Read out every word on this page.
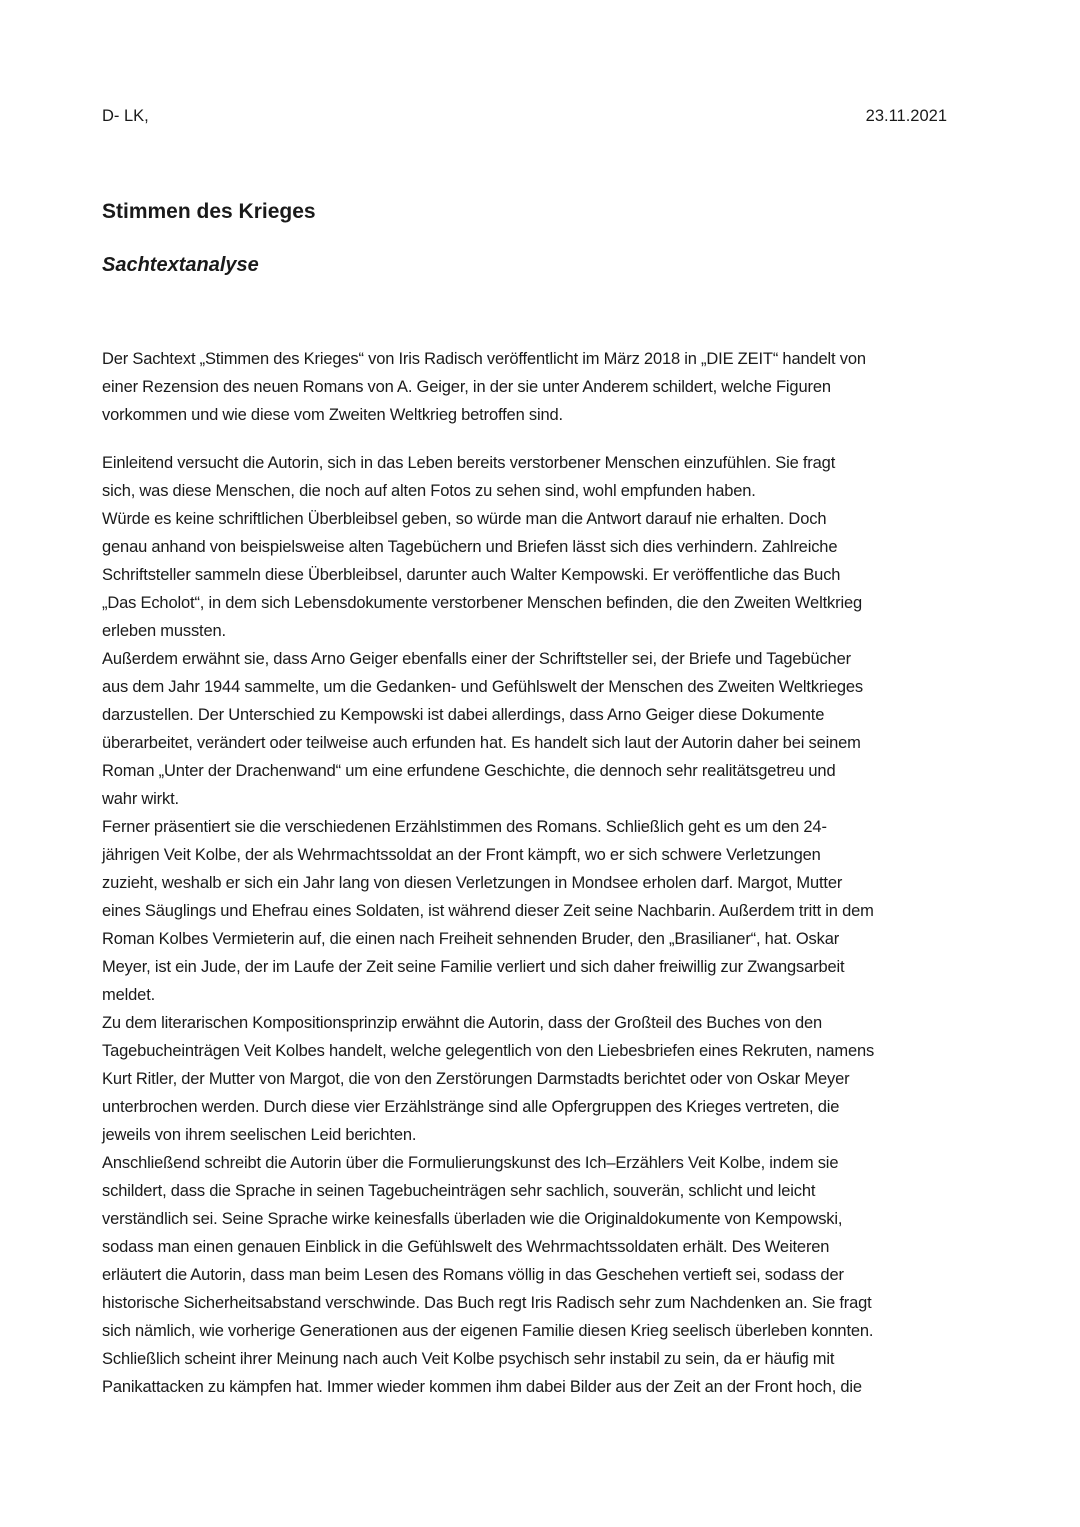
D- LK,	23.11.2021
Stimmen des Krieges
Sachtextanalyse

Der Sachtext „Stimmen des Krieges“ von Iris Radisch veröffentlicht im März 2018 in „DIE ZEIT“ handelt von
einer Rezension des neuen Romans von A. Geiger, in der sie unter Anderem schildert, welche Figuren
vorkommen und wie diese vom Zweiten Weltkrieg betroffen sind.

Einleitend versucht die Autorin, sich in das Leben bereits verstorbener Menschen einzufühlen. Sie fragt
sich, was diese Menschen, die noch auf alten Fotos zu sehen sind, wohl empfunden haben.

Würde es keine schriftlichen Überbleibsel geben, so würde man die Antwort darauf nie erhalten. Doch
genau anhand von beispielsweise alten Tagebüchern und Briefen lässt sich dies verhindern. Zahlreiche
Schriftsteller sammeln diese Überbleibsel, darunter auch Walter Kempowski. Er veröffentliche das Buch
„Das Echolot“, in dem sich Lebensdokumente verstorbener Menschen befinden, die den Zweiten Weltkrieg
erleben mussten.

Außerdem erwähnt sie, dass Arno Geiger ebenfalls einer der Schriftsteller sei, der Briefe und Tagebücher
aus dem Jahr 1944 sammelte, um die Gedanken- und Gefühlswelt der Menschen des Zweiten Weltkrieges
darzustellen. Der Unterschied zu Kempowski ist dabei allerdings, dass Arno Geiger diese Dokumente
überarbeitet, verändert oder teilweise auch erfunden hat. Es handelt sich laut der Autorin daher bei seinem
Roman „Unter der Drachenwand“ um eine erfundene Geschichte, die dennoch sehr realitätsgetreu und
wahr wirkt.

Ferner präsentiert sie die verschiedenen Erzählstimmen des Romans. Schließlich geht es um den 24-
jährigen Veit Kolbe, der als Wehrmachtssoldat an der Front kämpft, wo er sich schwere Verletzungen
zuzieht, weshalb er sich ein Jahr lang von diesen Verletzungen in Mondsee erholen darf. Margot, Mutter
eines Säuglings und Ehefrau eines Soldaten, ist während dieser Zeit seine Nachbarin. Außerdem tritt in dem
Roman Kolbes Vermieterin auf, die einen nach Freiheit sehnenden Bruder, den „Brasilianer“, hat. Oskar
Meyer, ist ein Jude, der im Laufe der Zeit seine Familie verliert und sich daher freiwillig zur Zwangsarbeit
meldet.

Zu dem literarischen Kompositionsprinzip erwähnt die Autorin, dass der Großteil des Buches von den
Tagebucheinträgen Veit Kolbes handelt, welche gelegentlich von den Liebesbriefen eines Rekruten, namens
Kurt Ritler, der Mutter von Margot, die von den Zerstörungen Darmstadts berichtet oder von Oskar Meyer
unterbrochen werden. Durch diese vier Erzählstränge sind alle Opfergruppen des Krieges vertreten, die
jeweils von ihrem seelischen Leid berichten.

Anschließend schreibt die Autorin über die Formulierungskunst des Ich–Erzählers Veit Kolbe, indem sie
schildert, dass die Sprache in seinen Tagebucheinträgen sehr sachlich, souverän, schlicht und leicht
verständlich sei. Seine Sprache wirke keinesfalls überladen wie die Originaldokumente von Kempowski,
sodass man einen genauen Einblick in die Gefühlswelt des Wehrmachtssoldaten erhält. Des Weiteren
erläutert die Autorin, dass man beim Lesen des Romans völlig in das Geschehen vertieft sei, sodass der
historische Sicherheitsabstand verschwinde. Das Buch regt Iris Radisch sehr zum Nachdenken an. Sie fragt
sich nämlich, wie vorherige Generationen aus der eigenen Familie diesen Krieg seelisch überleben konnten.
Schließlich scheint ihrer Meinung nach auch Veit Kolbe psychisch sehr instabil zu sein, da er häufig mit
Panikattacken zu kämpfen hat. Immer wieder kommen ihm dabei Bilder aus der Zeit an der Front hoch, die
